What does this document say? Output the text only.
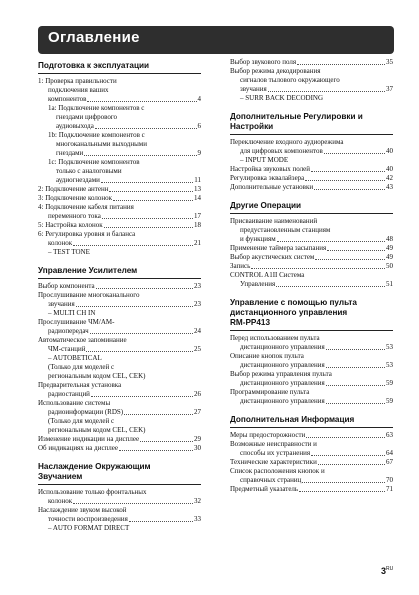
Оглавление
Подготовка к эксплуатации
1: Проверка правильности
подключения ваших
компонентов	4
1a: Подключение компонентов с
гнездами цифрового
аудиовыхода	6
1b: Подключение компонентов с
многоканальными выходными
гнездами	9
1c: Подключение компонентов
только с аналоговыми
аудиогнездами	11
2: Подключение антенн	13
3: Подключение колонок	14
4: Подключение кабеля питания
переменного тока	17
5: Настройка колонок	18
6: Регулировка уровня и баланса
колонок	21
– TEST TONE
Управление Усилителем
Выбор компонента	23
Прослушивание многоканального
звучания	23
– MULTI CH IN
Прослушивание ЧМ/АМ-
радиопередач	24
Автоматическое запоминание
ЧМ-станций	25
– AUTOBETICAL
(Только для моделей с
региональным кодом CEL, CEK)
Предварительная установка
радиостанций	26
Использование системы
радиоинформации (RDS)	27
(Только для моделей с
региональным кодом CEL, CEK)
Изменение индикации на дисплее	29
Об индикациях на дисплее	30
Наслаждение Окружающим
Звучанием
Использование только фронтальных
колонок	32
Наслаждение звуком высокой
точности воспроизведения	33
– AUTO FORMAT DIRECT
Выбор звукового поля	35
Выбор режима декодирования
сигналов тылового окружающего
звучания	37
– SURR BACK DECODING
Дополнительные Регулировки и
Настройки
Переключение входного аудиорежима
для цифровых компонентов	40
– INPUT MODE
Настройка звуковых полей	40
Регулировка эквалайзера	42
Дополнительные установки	43
Другие Операции
Присваивание наименований
предустановленным станциям
и функциям	48
Применение таймера засыпания	49
Выбор акустических систем	49
Запись	50
CONTROL A1II Система
Управления	51
Управление с помощью пульта
дистанционного управления
RM-PP413
Перед использованием пульта
дистанционного управления	53
Описание кнопок пульта
дистанционного управления	53
Выбор режима управления пульта
дистанционного управления	59
Программирование пульта
дистанционного управления	59
Дополнительная Информация
Меры предосторожности	63
Возможные неисправности и
способы их устранения	64
Технические характеристики	67
Список расположения кнопок и
справочных страниц	70
Предметный указатель	71
$3^{RU}$
